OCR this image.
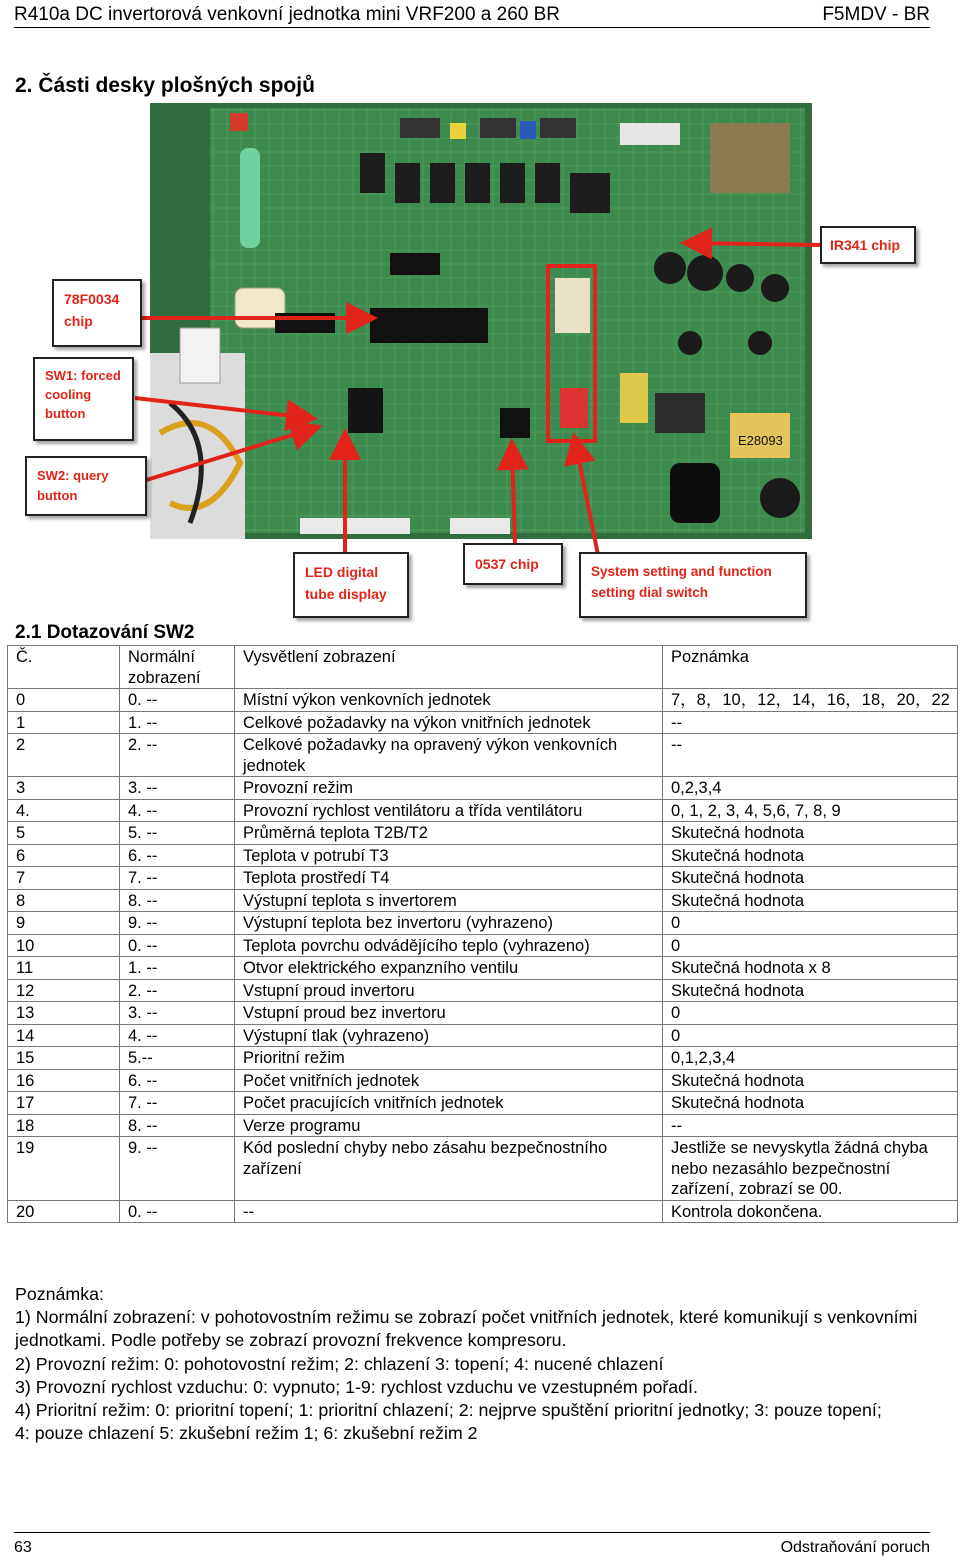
R410a DC invertorová venkovní jednotka mini VRF200 a 260 BR	F5MDV - BR
2. Části desky plošných spojů
E28093
IR341 chip
78F0034 chip
SW1: forced cooling button
SW2: query button
LED digital tube display
0537 chip	System setting and function setting dial switch
2.1 Dotazování SW2
Č.	Normální zobrazení	Vysvětlení zobrazení	Poznámka
0	0. --	Místní výkon venkovních jednotek	7，8，10，12，14，16，18，20，22
1	1. --	Celkové požadavky na výkon vnitřních jednotek	--
2	2. --	Celkové požadavky na opravený výkon venkovních jednotek	--
3	3. --	Provozní režim	0,2,3,4
4.	4. --	Provozní rychlost ventilátoru a třída ventilátoru	0, 1, 2, 3, 4, 5,6, 7, 8, 9
5	5. --	Průměrná teplota T2B/T2	Skutečná hodnota
6	6. --	Teplota v potrubí T3	Skutečná hodnota
7	7. --	Teplota prostředí T4	Skutečná hodnota
8	8. --	Výstupní teplota s invertorem	Skutečná hodnota
9	9. --	Výstupní teplota bez invertoru (vyhrazeno)	0
10	0. --	Teplota povrchu odvádějícího teplo (vyhrazeno)	0
11	1. --	Otvor elektrického expanzního ventilu	Skutečná hodnota x 8
12	2. --	Vstupní proud invertoru	Skutečná hodnota
13	3. --	Vstupní proud bez invertoru	0
14	4. --	Výstupní tlak (vyhrazeno)	0
15	5.--	Prioritní režim	0,1,2,3,4
16	6. --	Počet vnitřních jednotek	Skutečná hodnota
17	7. --	Počet pracujících vnitřních jednotek	Skutečná hodnota
18	8. --	Verze programu	--
19	9. --	Kód poslední chyby nebo zásahu bezpečnostního zařízení	Jestliže se nevyskytla žádná chyba nebo nezasáhlo bezpečnostní zařízení, zobrazí se 00.
20	0. --	--	Kontrola dokončena.
Poznámka:
1) Normální zobrazení: v pohotovostním režimu se zobrazí počet vnitřních jednotek, které komunikují s venkovními jednotkami. Podle potřeby se zobrazí provozní frekvence kompresoru.
2) Provozní režim: 0: pohotovostní režim; 2: chlazení 3: topení; 4: nucené chlazení
3) Provozní rychlost vzduchu: 0: vypnuto; 1-9: rychlost vzduchu ve vzestupném pořadí.
4) Prioritní režim: 0: prioritní topení; 1: prioritní chlazení; 2: nejprve spuštění prioritní jednotky; 3: pouze topení;
4: pouze chlazení 5: zkušební režim 1; 6: zkušební režim 2
63	Odstraňování poruch
